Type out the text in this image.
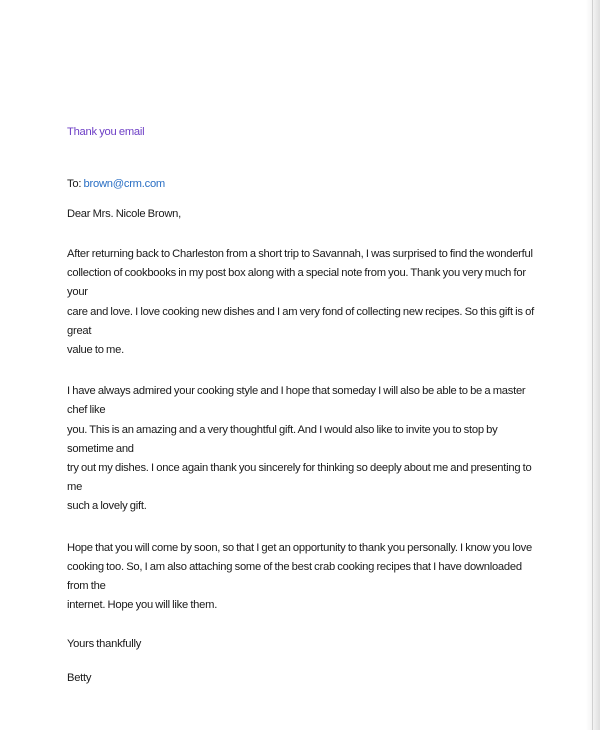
Thank you email
To: brown@crm.com
Dear Mrs. Nicole Brown,
After returning back to Charleston from a short trip to Savannah, I was surprised to find the wonderful
collection of cookbooks in my post box along with a special note from you. Thank you very much for your
care and love. I love cooking new dishes and I am very fond of collecting new recipes. So this gift is of great
value to me.
I have always admired your cooking style and I hope that someday I will also be able to be a master chef like
you. This is an amazing and a very thoughtful gift. And I would also like to invite you to stop by sometime and
try out my dishes. I once again thank you sincerely for thinking so deeply about me and presenting to me
such a lovely gift.
Hope that you will come by soon, so that I get an opportunity to thank you personally. I know you love
cooking too. So, I am also attaching some of the best crab cooking recipes that I have downloaded from the
internet. Hope you will like them.
Yours thankfully
Betty
